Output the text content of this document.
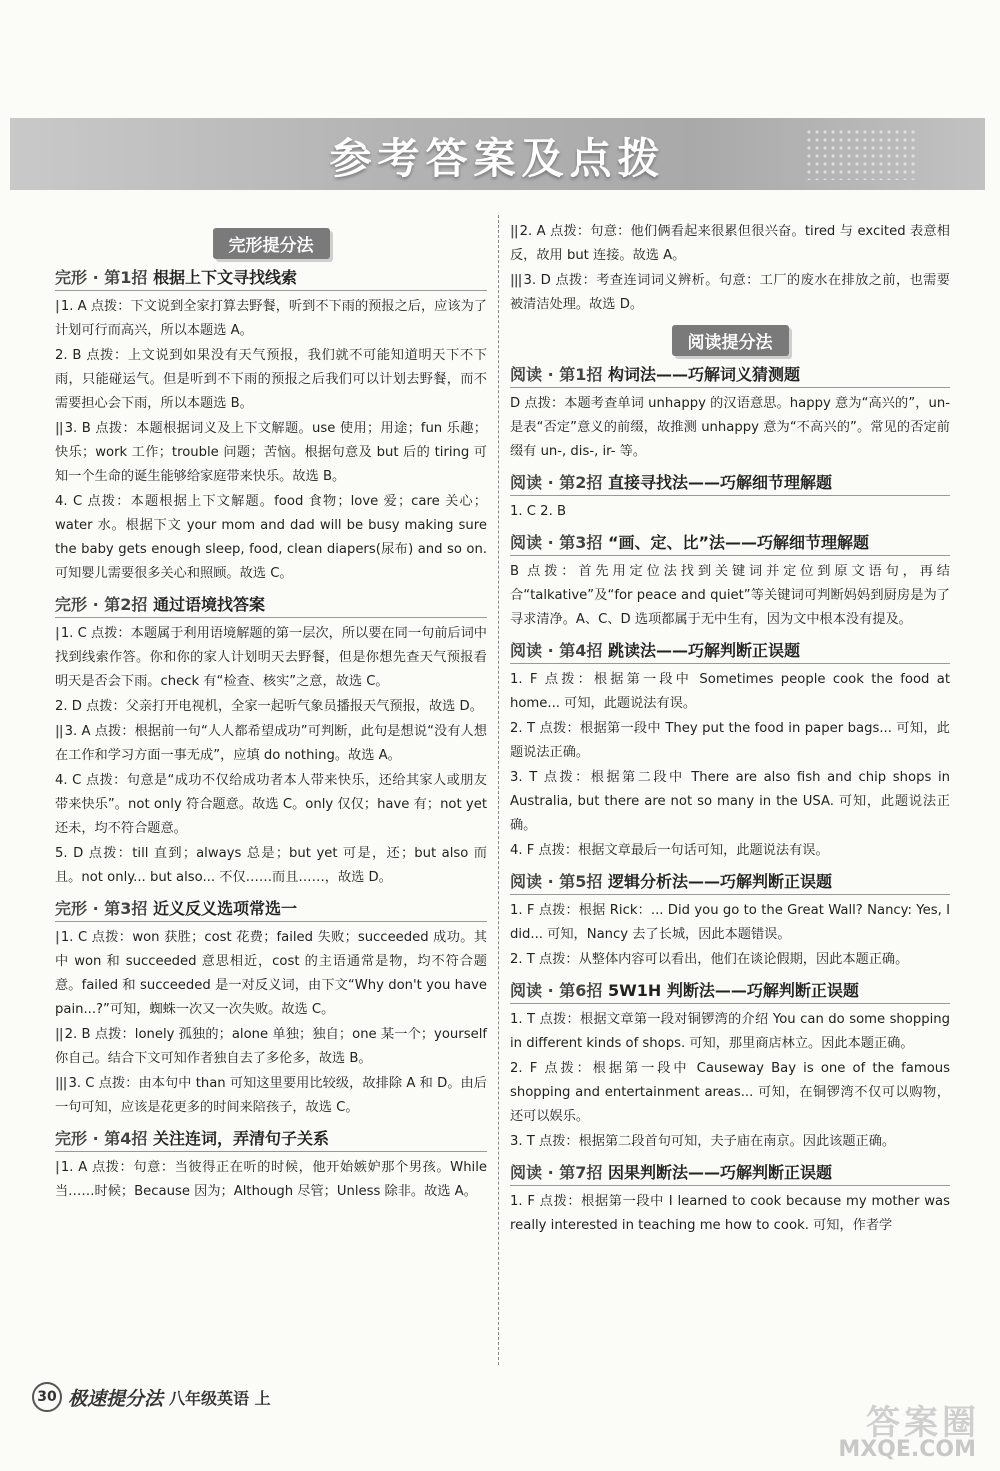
参考答案及点拨
完形提分法
完形 · 第1招 根据上下文寻找线索
| 1. A 点拨：下文说到全家打算去野餐，听到不下雨的预报之后，应该为了计划可行而高兴，所以本题选 A。
2. B 点拨：上文说到如果没有天气预报，我们就不可能知道明天下不下雨，只能碰运气。但是听到不下雨的预报之后我们可以计划去野餐，而不需要担心会下雨，所以本题选 B。
|| 3. B 点拨：本题根据词义及上下文解题。use 使用；用途；fun 乐趣；快乐；work 工作；trouble 问题；苦恼。根据句意及 but 后的 tiring 可知一个生命的诞生能够给家庭带来快乐。故选 B。
4. C 点拨：本题根据上下文解题。food 食物；love 爱；care 关心；water 水。根据下文 your mom and dad will be busy making sure the baby gets enough sleep, food, clean diapers(尿布) and so on. 可知婴儿需要很多关心和照顾。故选 C。
完形 · 第2招 通过语境找答案
| 1. C 点拨：本题属于利用语境解题的第一层次，所以要在同一句前后词中找到线索作答。你和你的家人计划明天去野餐，但是你想先查天气预报看明天是否会下雨。check 有“检查、核实”之意，故选 C。
2. D 点拨：父亲打开电视机，全家一起听气象员播报天气预报，故选 D。
|| 3. A 点拨：根据前一句“人人都希望成功”可判断，此句是想说“没有人想在工作和学习方面一事无成”，应填 do nothing。故选 A。
4. C 点拨：句意是“成功不仅给成功者本人带来快乐，还给其家人或朋友带来快乐”。not only 符合题意。故选 C。only 仅仅；have 有；not yet 还未，均不符合题意。
5. D 点拨：till 直到；always 总是；but yet 可是，还；but also 而且。not only... but also... 不仅……而且……，故选 D。
完形 · 第3招 近义反义选项常选一
| 1. C 点拨：won 获胜；cost 花费；failed 失败；succeeded 成功。其中 won 和 succeeded 意思相近，cost 的主语通常是物，均不符合题意。failed 和 succeeded 是一对反义词，由下文“Why don't you have pain...?”可知，蜘蛛一次又一次失败。故选 C。
|| 2. B 点拨：lonely 孤独的；alone 单独；独自；one 某一个；yourself 你自己。结合下文可知作者独自去了多伦多，故选 B。
||| 3. C 点拨：由本句中 than 可知这里要用比较级，故排除 A 和 D。由后一句可知，应该是花更多的时间来陪孩子，故选 C。
完形 · 第4招 关注连词，弄清句子关系
| 1. A 点拨：句意：当彼得正在听的时候，他开始嫉妒那个男孩。While 当……时候；Because 因为；Although 尽管；Unless 除非。故选 A。
|| 2. A 点拨：句意：他们俩看起来很累但很兴奋。tired 与 excited 表意相反，故用 but 连接。故选 A。
||| 3. D 点拨：考查连词词义辨析。句意：工厂的废水在排放之前，也需要被清洁处理。故选 D。
阅读提分法
阅读 · 第1招 构词法——巧解词义猜测题
D 点拨：本题考查单词 unhappy 的汉语意思。happy 意为“高兴的”，un- 是表“否定”意义的前缀，故推测 unhappy 意为“不高兴的”。常见的否定前缀有 un-, dis-, ir- 等。
阅读 · 第2招 直接寻找法——巧解细节理解题
1. C 2. B
阅读 · 第3招 “画、定、比”法——巧解细节理解题
B 点拨：首先用定位法找到关键词并定位到原文语句，再结合“talkative”及“for peace and quiet”等关键词可判断妈妈到厨房是为了寻求清净。A、C、D 选项都属于无中生有，因为文中根本没有提及。
阅读 · 第4招 跳读法——巧解判断正误题
1. F 点拨：根据第一段中 Sometimes people cook the food at home... 可知，此题说法有误。
2. T 点拨：根据第一段中 They put the food in paper bags... 可知，此题说法正确。
3. T 点拨：根据第二段中 There are also fish and chip shops in Australia, but there are not so many in the USA. 可知，此题说法正确。
4. F 点拨：根据文章最后一句话可知，此题说法有误。
阅读 · 第5招 逻辑分析法——巧解判断正误题
1. F 点拨：根据 Rick：... Did you go to the Great Wall? Nancy: Yes, I did... 可知，Nancy 去了长城，因此本题错误。
2. T 点拨：从整体内容可以看出，他们在谈论假期，因此本题正确。
阅读 · 第6招 5W1H 判断法——巧解判断正误题
1. T 点拨：根据文章第一段对铜锣湾的介绍 You can do some shopping in different kinds of shops. 可知，那里商店林立。因此本题正确。
2. F 点拨：根据第一段中 Causeway Bay is one of the famous shopping and entertainment areas... 可知，在铜锣湾不仅可以购物，还可以娱乐。
3. T 点拨：根据第二段首句可知，夫子庙在南京。因此该题正确。
阅读 · 第7招 因果判断法——巧解判断正误题
1. F 点拨：根据第一段中 I learned to cook because my mother was really interested in teaching me how to cook. 可知，作者学
30 极速提分法 八年级英语 上
答案圈
MXQE.COM
